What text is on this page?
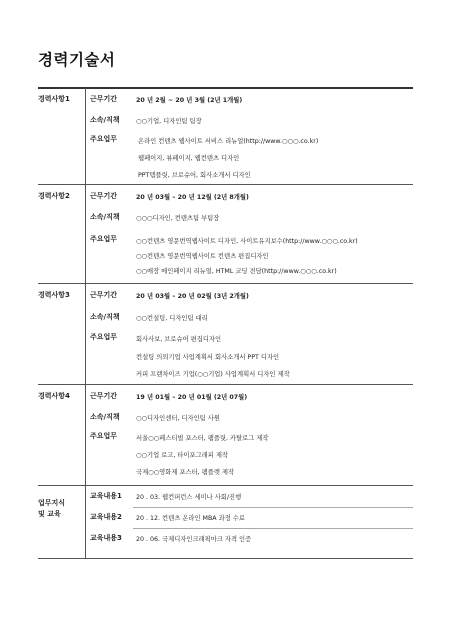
경력기술서
경력사항1	근무기간	20 년 2월 ~ 20 년 3월 (2년 1개월)
소속/직책	○○기업, 디자인팀 팀장
주요업무	온라인 컨텐츠 웹사이트 서비스 리뉴얼(http://www.○○○.co.kr)
웹페이지, 뷰페이지, 웹컨텐츠 디자인
PPT템플릿, 브로슈어, 회사소개서 디자인
경력사항2	근무기간	20 년 03월 – 20 년 12월 (2년 8개월)
소속/직책	○○○디자인, 컨텐츠팀 부팀장
주요업무	○○컨텐츠 영문번역웹사이트 디자인, 사이트유지보수(http://www.○○○.co.kr)
○○컨텐츠 영문번역웹사이트 컨텐츠 편집디자인
○○매장 메인페이지 리뉴얼, HTML 코딩 전담(http://www.○○○.co.kr)
경력사항3	근무기간	20 년 03월 – 20 년 02월 (3년 2개월)
소속/직책	○○컨설팅, 디자인팀 대리
주요업무	회사사보, 브로슈어 편집디자인
컨설팅 의뢰기업 사업계획서 회사소개서 PPT 디자인
커피 프랜차이즈 기업(○○기업) 사업계획서 디자인 제작
경력사항4	근무기간	19 년 01월 – 20 년 01월 (2년 07월)
소속/직책	○○디자인센터, 디자인팀 사원
주요업무	서울○○페스티벌 포스터, 팸플릿, 카탈로그 제작
○○기업 로고, 타이포그래피 제작
국제○○영화제 포스터, 팸플렛 제작
업무지식
및 교육
교육내용1 20 . 03. 웹컨퍼런스 세미나 사회/진행
교육내용2 20 . 12. 컨텐츠 온라인 MBA 과정 수료
교육내용3 20 . 06. 국제디자인크래픽마크 자격 인증
